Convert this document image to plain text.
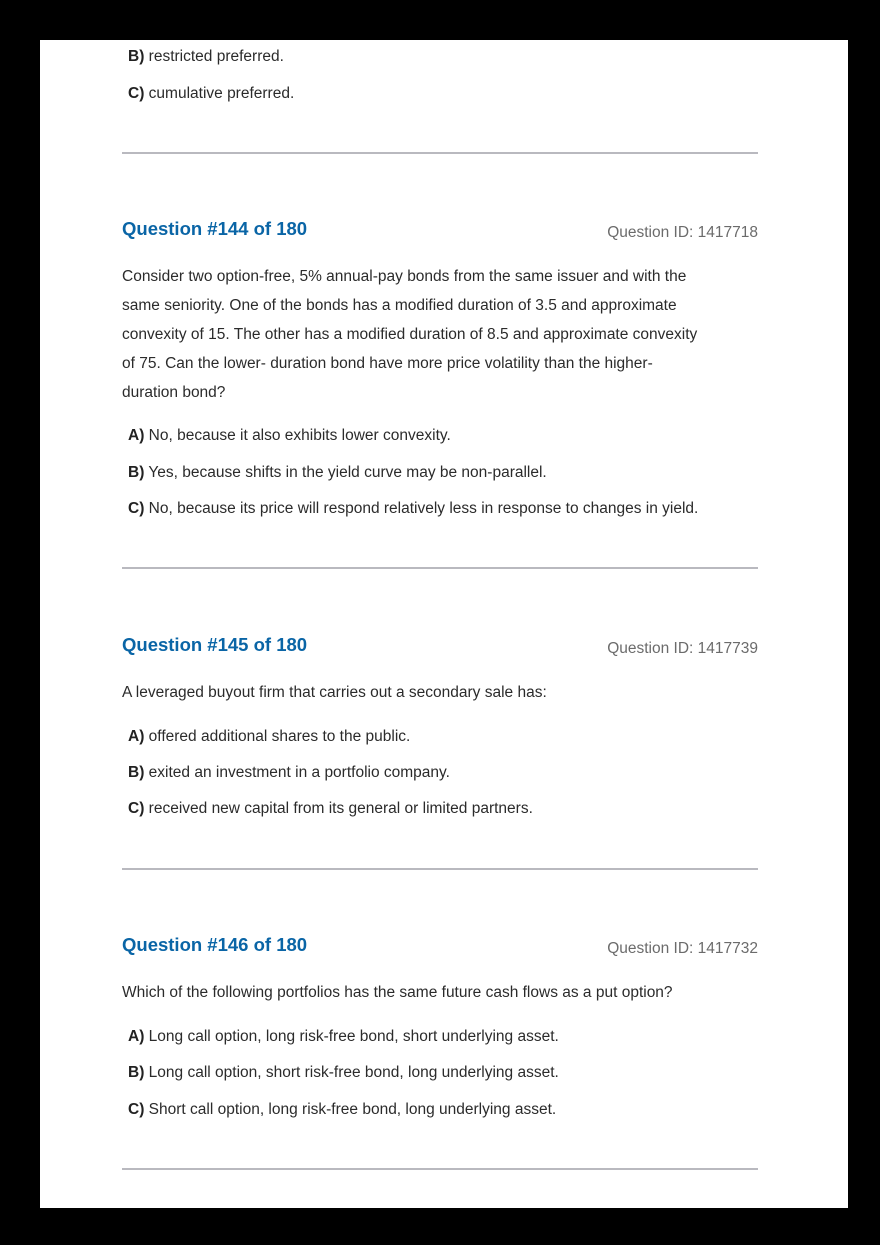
B) restricted preferred.
C) cumulative preferred.
Question #144 of 180	Question ID: 1417718
Consider two option-free, 5% annual-pay bonds from the same issuer and with the
same seniority. One of the bonds has a modified duration of 3.5 and approximate
convexity of 15. The other has a modified duration of 8.5 and approximate convexity
of 75. Can the lower- duration bond have more price volatility than the higher-
duration bond?
A) No, because it also exhibits lower convexity.
B) Yes, because shifts in the yield curve may be non-parallel.
C) No, because its price will respond relatively less in response to changes in yield.
Question #145 of 180	Question ID: 1417739
A leveraged buyout firm that carries out a secondary sale has:
A) offered additional shares to the public.
B) exited an investment in a portfolio company.
C) received new capital from its general or limited partners.
Question #146 of 180	Question ID: 1417732
Which of the following portfolios has the same future cash flows as a put option?
A) Long call option, long risk-free bond, short underlying asset.
B) Long call option, short risk-free bond, long underlying asset.
C) Short call option, long risk-free bond, long underlying asset.
